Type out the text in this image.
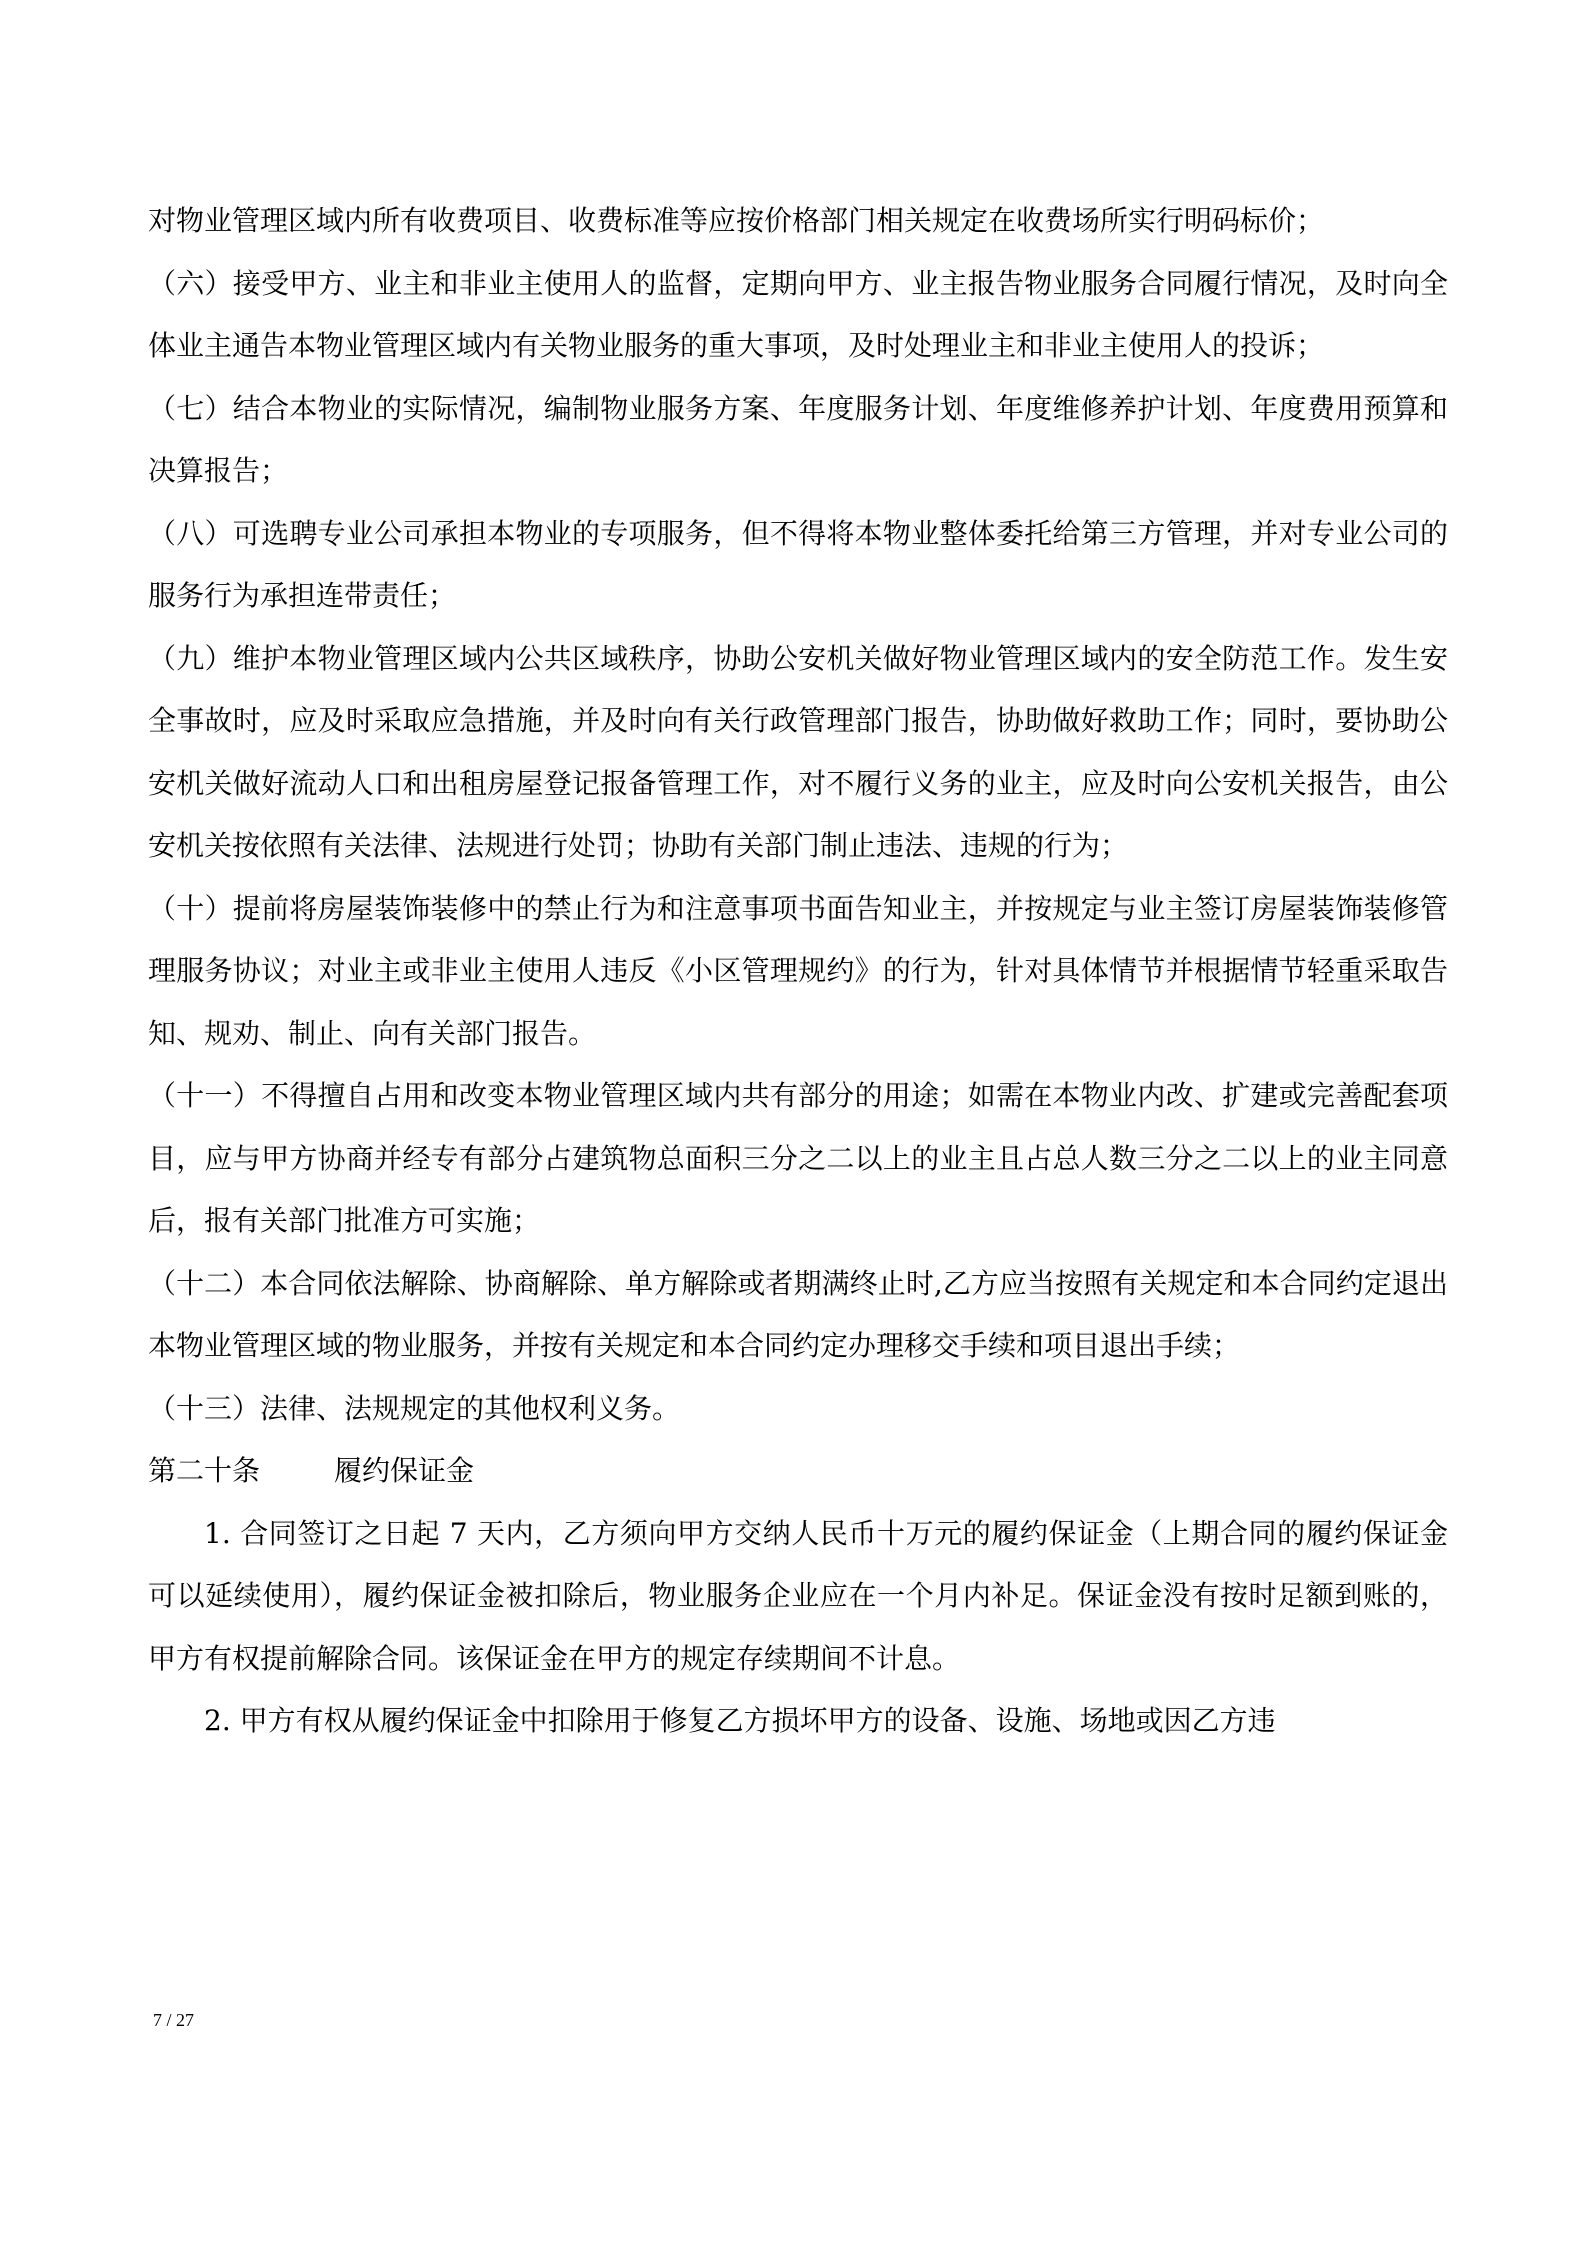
对物业管理区域内所有收费项目、收费标准等应按价格部门相关规定在收费场所实行明码标价；

（六）接受甲方、业主和非业主使用人的监督，定期向甲方、业主报告物业服务合同履行情况，及时向全体业主通告本物业管理区域内有关物业服务的重大事项，及时处理业主和非业主使用人的投诉；

（七）结合本物业的实际情况，编制物业服务方案、年度服务计划、年度维修养护计划、年度费用预算和决算报告；

（八）可选聘专业公司承担本物业的专项服务，但不得将本物业整体委托给第三方管理，并对专业公司的服务行为承担连带责任；

（九）维护本物业管理区域内公共区域秩序，协助公安机关做好物业管理区域内的安全防范工作。发生安全事故时，应及时采取应急措施，并及时向有关行政管理部门报告，协助做好救助工作；同时，要协助公安机关做好流动人口和出租房屋登记报备管理工作，对不履行义务的业主，应及时向公安机关报告，由公安机关按依照有关法律、法规进行处罚；协助有关部门制止违法、违规的行为；

（十）提前将房屋装饰装修中的禁止行为和注意事项书面告知业主，并按规定与业主签订房屋装饰装修管理服务协议；对业主或非业主使用人违反《小区管理规约》的行为，针对具体情节并根据情节轻重采取告知、规劝、制止、向有关部门报告。

（十一）不得擅自占用和改变本物业管理区域内共有部分的用途；如需在本物业内改、扩建或完善配套项目，应与甲方协商并经专有部分占建筑物总面积三分之二以上的业主且占总人数三分之二以上的业主同意后，报有关部门批准方可实施；

（十二）本合同依法解除、协商解除、单方解除或者期满终止时,乙方应当按照有关规定和本合同约定退出本物业管理区域的物业服务，并按有关规定和本合同约定办理移交手续和项目退出手续；

（十三）法律、法规规定的其他权利义务。

第二十条	履约保证金

1. 合同签订之日起 7 天内，乙方须向甲方交纳人民币十万元的履约保证金（上期合同的履约保证金可以延续使用），履约保证金被扣除后，物业服务企业应在一个月内补足。保证金没有按时足额到账的，甲方有权提前解除合同。该保证金在甲方的规定存续期间不计息。

2. 甲方有权从履约保证金中扣除用于修复乙方损坏甲方的设备、设施、场地或因乙方违

7 / 27
